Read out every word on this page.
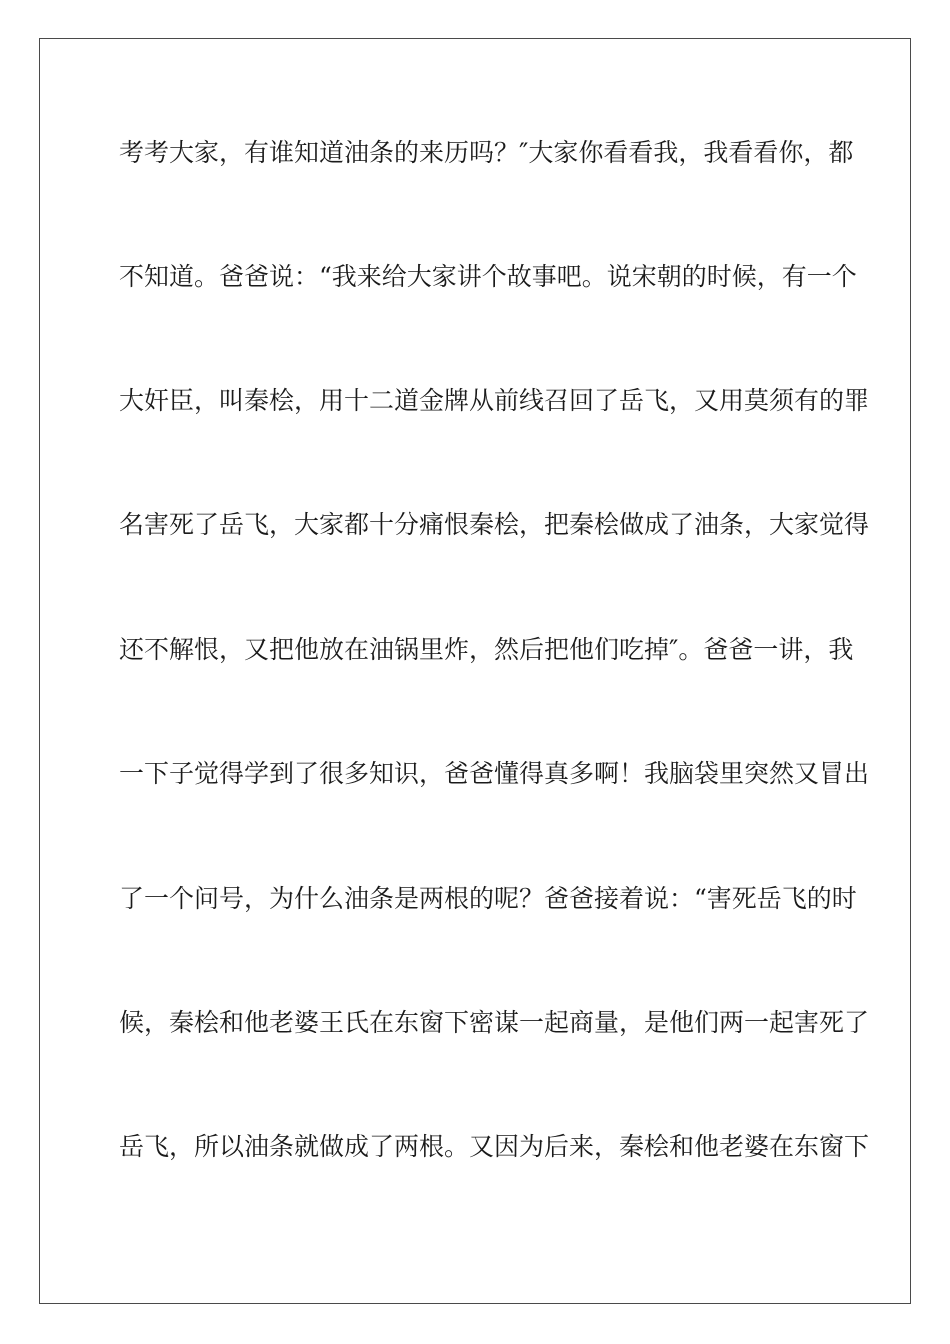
考考大家，有谁知道油条的来历吗？″大家你看看我，我看看你，都
不知道。爸爸说：“我来给大家讲个故事吧。说宋朝的时候，有一个
大奸臣，叫秦桧，用十二道金牌从前线召回了岳飞，又用莫须有的罪
名害死了岳飞，大家都十分痛恨秦桧，把秦桧做成了油条，大家觉得
还不解恨，又把他放在油锅里炸，然后把他们吃掉″。爸爸一讲，我
一下子觉得学到了很多知识，爸爸懂得真多啊！我脑袋里突然又冒出
了一个问号，为什么油条是两根的呢？爸爸接着说：“害死岳飞的时
候，秦桧和他老婆王氏在东窗下密谋一起商量，是他们两一起害死了
岳飞，所以油条就做成了两根。又因为后来，秦桧和他老婆在东窗下
